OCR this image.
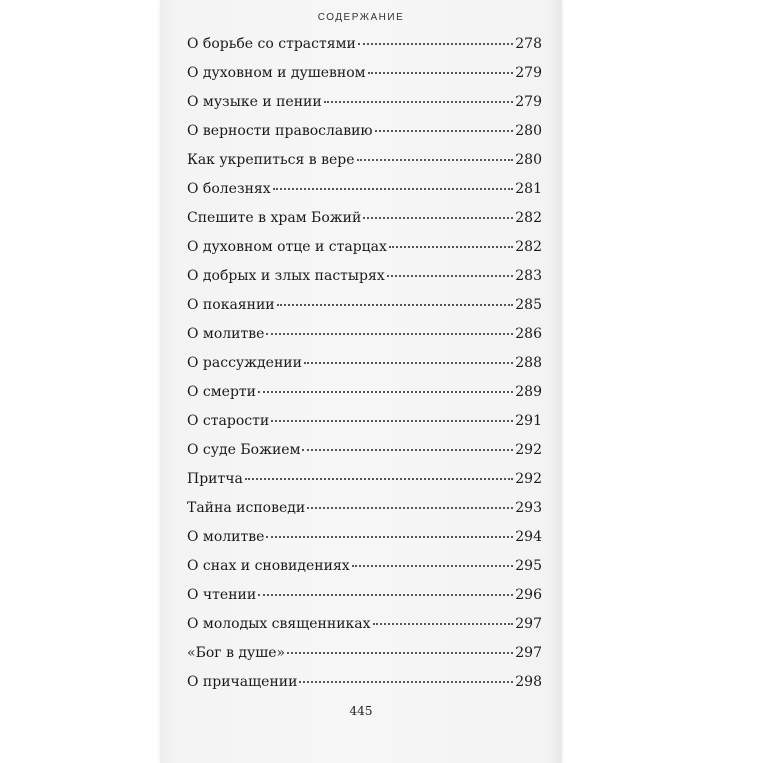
СОДЕРЖАНИЕ
О борьбе со страстями	278
О духовном и душевном	279
О музыке и пении	279
О верности православию	280
Как укрепиться в вере	280
О болезнях	281
Спешите в храм Божий	282
О духовном отце и старцах	282
О добрых и злых пастырях	283
О покаянии	285
О молитве	286
О рассуждении	288
О смерти	289
О старости	291
О суде Божием	292
Притча	292
Тайна исповеди	293
О молитве	294
О снах и сновидениях	295
О чтении	296
О молодых священниках	297
«Бог в душе»	297
О причащении	298
445
